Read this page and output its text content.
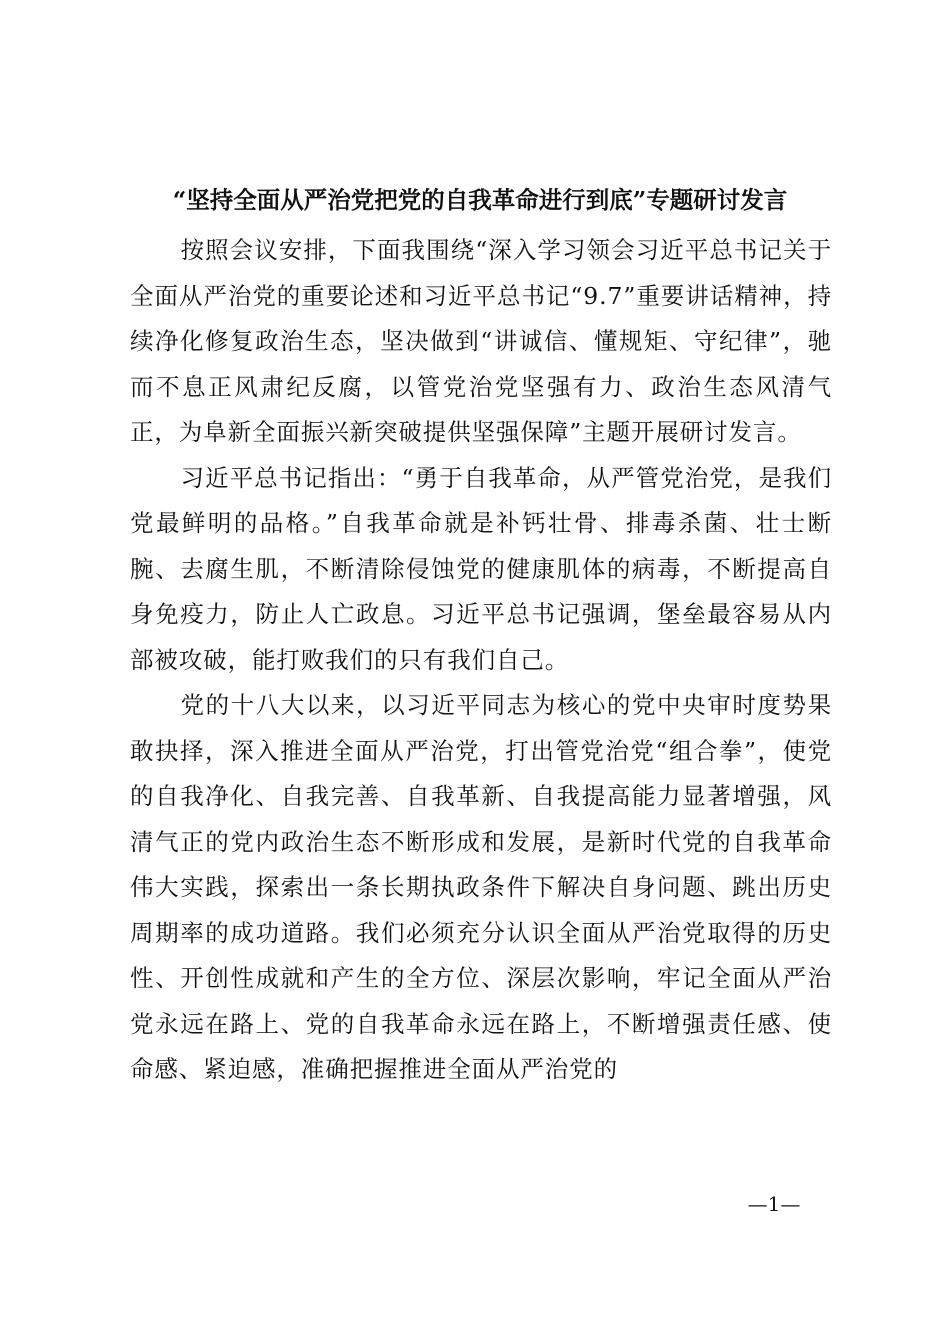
“坚持全面从严治党把党的自我革命进行到底”专题研讨发言

按照会议安排，下面我围绕“深入学习领会习近平总书记关于全面从严治党的重要论述和习近平总书记“9.7”重要讲话精神，持续净化修复政治生态，坚决做到“讲诚信、懂规矩、守纪律”，驰而不息正风肃纪反腐，以管党治党坚强有力、政治生态风清气正，为阜新全面振兴新突破提供坚强保障”主题开展研讨发言。

习近平总书记指出：“勇于自我革命，从严管党治党，是我们党最鲜明的品格。”自我革命就是补钙壮骨、排毒杀菌、壮士断腕、去腐生肌，不断清除侵蚀党的健康肌体的病毒，不断提高自身免疫力，防止人亡政息。习近平总书记强调，堡垒最容易从内部被攻破，能打败我们的只有我们自己。

党的十八大以来，以习近平同志为核心的党中央审时度势果敢抉择，深入推进全面从严治党，打出管党治党“组合拳”，使党的自我净化、自我完善、自我革新、自我提高能力显著增强，风清气正的党内政治生态不断形成和发展，是新时代党的自我革命伟大实践，探索出一条长期执政条件下解决自身问题、跳出历史周期率的成功道路。我们必须充分认识全面从严治党取得的历史性、开创性成就和产生的全方位、深层次影响，牢记全面从严治党永远在路上、党的自我革命永远在路上，不断增强责任感、使命感、紧迫感，准确把握推进全面从严治党的

—1—
